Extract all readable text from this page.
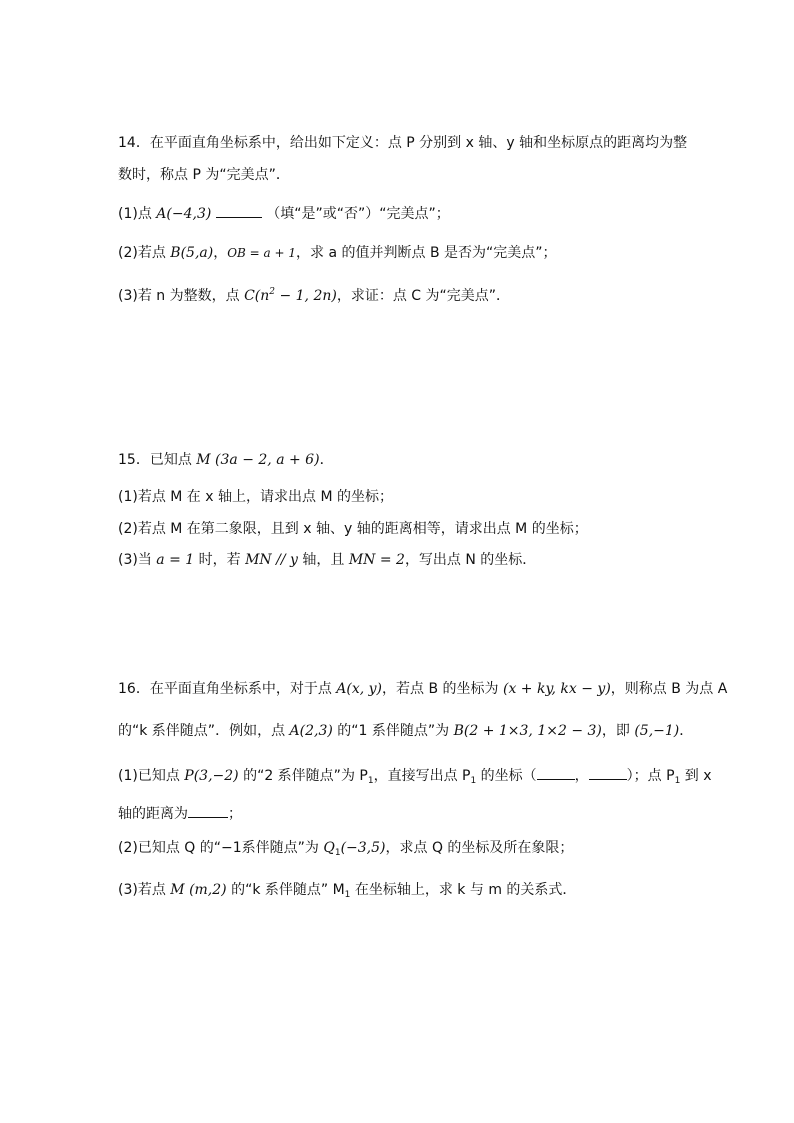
14．在平面直角坐标系中，给出如下定义：点 P 分别到 x 轴、y 轴和坐标原点的距离均为整
数时，称点 P 为“完美点”．
(1)点 A(−4,3)	（填“是”或“否”）“完美点”；
(2)若点 B(5,a)，OB = a + 1，求 a 的值并判断点 B 是否为“完美点”；
(3)若 n 为整数，点 $C(n^2 - 1$, 2n)，求证：点 C 为“完美点”．
15．已知点 M (3a − 2, a + 6)．
(1)若点 M 在 x 轴上，请求出点 M 的坐标；
(2)若点 M 在第二象限，且到 x 轴、y 轴的距离相等，请求出点 M 的坐标；
(3)当 a = 1 时，若 MN // y 轴，且 MN = 2，写出点 N 的坐标．
16．在平面直角坐标系中，对于点 A(x, y)，若点 B 的坐标为 (x + ky, kx − y)，则称点 B 为点 A
的“k 系伴随点”．例如，点 A(2,3) 的“1 系伴随点”为 B(2 + 1×3, 1×2 − 3)，即 (5,−1)．
(1)已知点 P(3,−2) 的“2 系伴随点”为 $P_1$，直接写出点 $P_1$ 的坐标（	，	）；点 $P_1$ 到 x
轴的距离为	；
(2)已知点 Q 的“−1系伴随点”为 $Q_1(-3,5)$，求点 Q 的坐标及所在象限；
(3)若点 M (m,2) 的“k 系伴随点” $M_1$ 在坐标轴上，求 k 与 m 的关系式．
